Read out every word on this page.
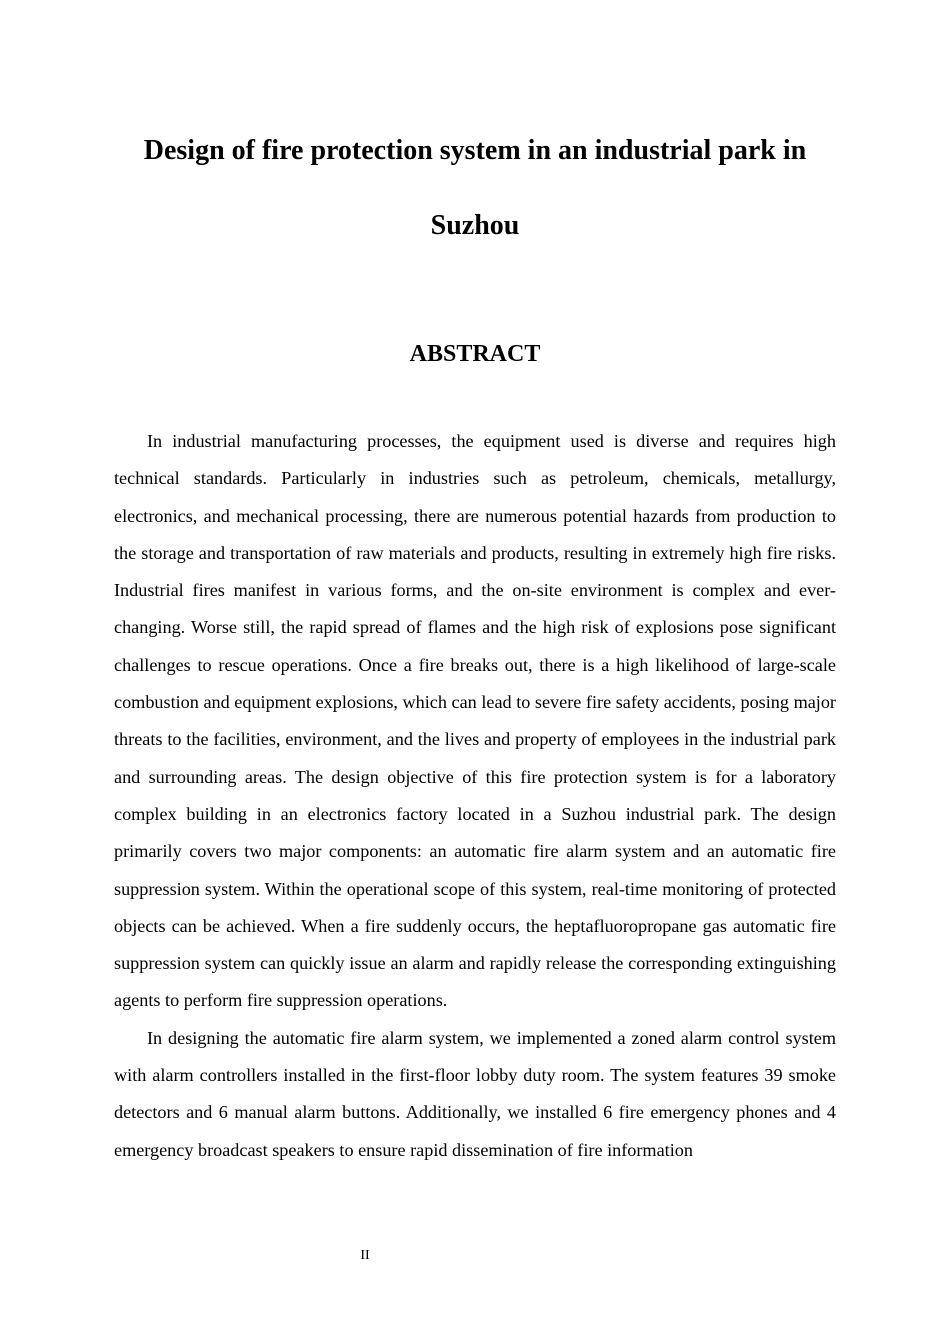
Design of fire protection system in an industrial park in
Suzhou
ABSTRACT

In industrial manufacturing processes, the equipment used is diverse and requires high technical standards. Particularly in industries such as petroleum, chemicals, metallurgy, electronics, and mechanical processing, there are numerous potential hazards from production to the storage and transportation of raw materials and products, resulting in extremely high fire risks. Industrial fires manifest in various forms, and the on-site environment is complex and ever-changing. Worse still, the rapid spread of flames and the high risk of explosions pose significant challenges to rescue operations. Once a fire breaks out, there is a high likelihood of large-scale combustion and equipment explosions, which can lead to severe fire safety accidents, posing major threats to the facilities, environment, and the lives and property of employees in the industrial park and surrounding areas. The design objective of this fire protection system is for a laboratory complex building in an electronics factory located in a Suzhou industrial park. The design primarily covers two major components: an automatic fire alarm system and an automatic fire suppression system. Within the operational scope of this system, real-time monitoring of protected objects can be achieved. When a fire suddenly occurs, the heptafluoropropane gas automatic fire suppression system can quickly issue an alarm and rapidly release the corresponding extinguishing agents to perform fire suppression operations.

In designing the automatic fire alarm system, we implemented a zoned alarm control system with alarm controllers installed in the first-floor lobby duty room. The system features 39 smoke detectors and 6 manual alarm buttons. Additionally, we installed 6 fire emergency phones and 4 emergency broadcast speakers to ensure rapid dissemination of fire information

II
